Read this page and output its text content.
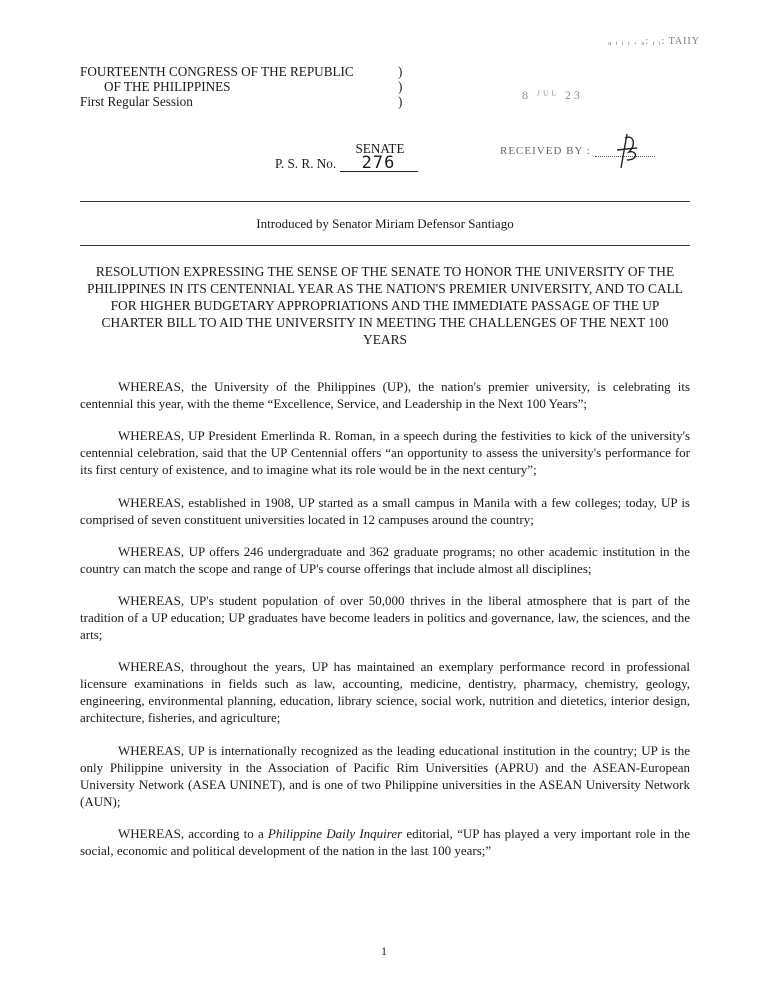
ᵤ ᵢ ᵢ ᵢ . ᵤ: ᵢ ᵢ: TAIIY
8 ᴶᵁᴸ 23
RECEIVED BY :
FOURTEENTH CONGRESS OF THE REPUBLIC	)
OF THE PHILIPPINES	)
First Regular Session	)
SENATE
P. S. R. No. 276
Introduced by Senator Miriam Defensor Santiago
RESOLUTION EXPRESSING THE SENSE OF THE SENATE TO HONOR THE UNIVERSITY OF THE PHILIPPINES IN ITS CENTENNIAL YEAR AS THE NATION'S PREMIER UNIVERSITY, AND TO CALL FOR HIGHER BUDGETARY APPROPRIATIONS AND THE IMMEDIATE PASSAGE OF THE UP CHARTER BILL TO AID THE UNIVERSITY IN MEETING THE CHALLENGES OF THE NEXT 100 YEARS

WHEREAS, the University of the Philippines (UP), the nation's premier university, is celebrating its centennial this year, with the theme “Excellence, Service, and Leadership in the Next 100 Years”;

WHEREAS, UP President Emerlinda R. Roman, in a speech during the festivities to kick of the university's centennial celebration, said that the UP Centennial offers “an opportunity to assess the university's performance for its first century of existence, and to imagine what its role would be in the next century”;

WHEREAS, established in 1908, UP started as a small campus in Manila with a few colleges; today, UP is comprised of seven constituent universities located in 12 campuses around the country;

WHEREAS, UP offers 246 undergraduate and 362 graduate programs; no other academic institution in the country can match the scope and range of UP's course offerings that include almost all disciplines;

WHEREAS, UP's student population of over 50,000 thrives in the liberal atmosphere that is part of the tradition of a UP education; UP graduates have become leaders in politics and governance, law, the sciences, and the arts;

WHEREAS, throughout the years, UP has maintained an exemplary performance record in professional licensure examinations in fields such as law, accounting, medicine, dentistry, pharmacy, chemistry, geology, engineering, environmental planning, education, library science, social work, nutrition and dietetics, interior design, architecture, fisheries, and agriculture;

WHEREAS, UP is internationally recognized as the leading educational institution in the country; UP is the only Philippine university in the Association of Pacific Rim Universities (APRU) and the ASEAN-European University Network (ASEA UNINET), and is one of two Philippine universities in the ASEAN University Network (AUN);

WHEREAS, according to a Philippine Daily Inquirer editorial, “UP has played a very important role in the social, economic and political development of the nation in the last 100 years;”

1
